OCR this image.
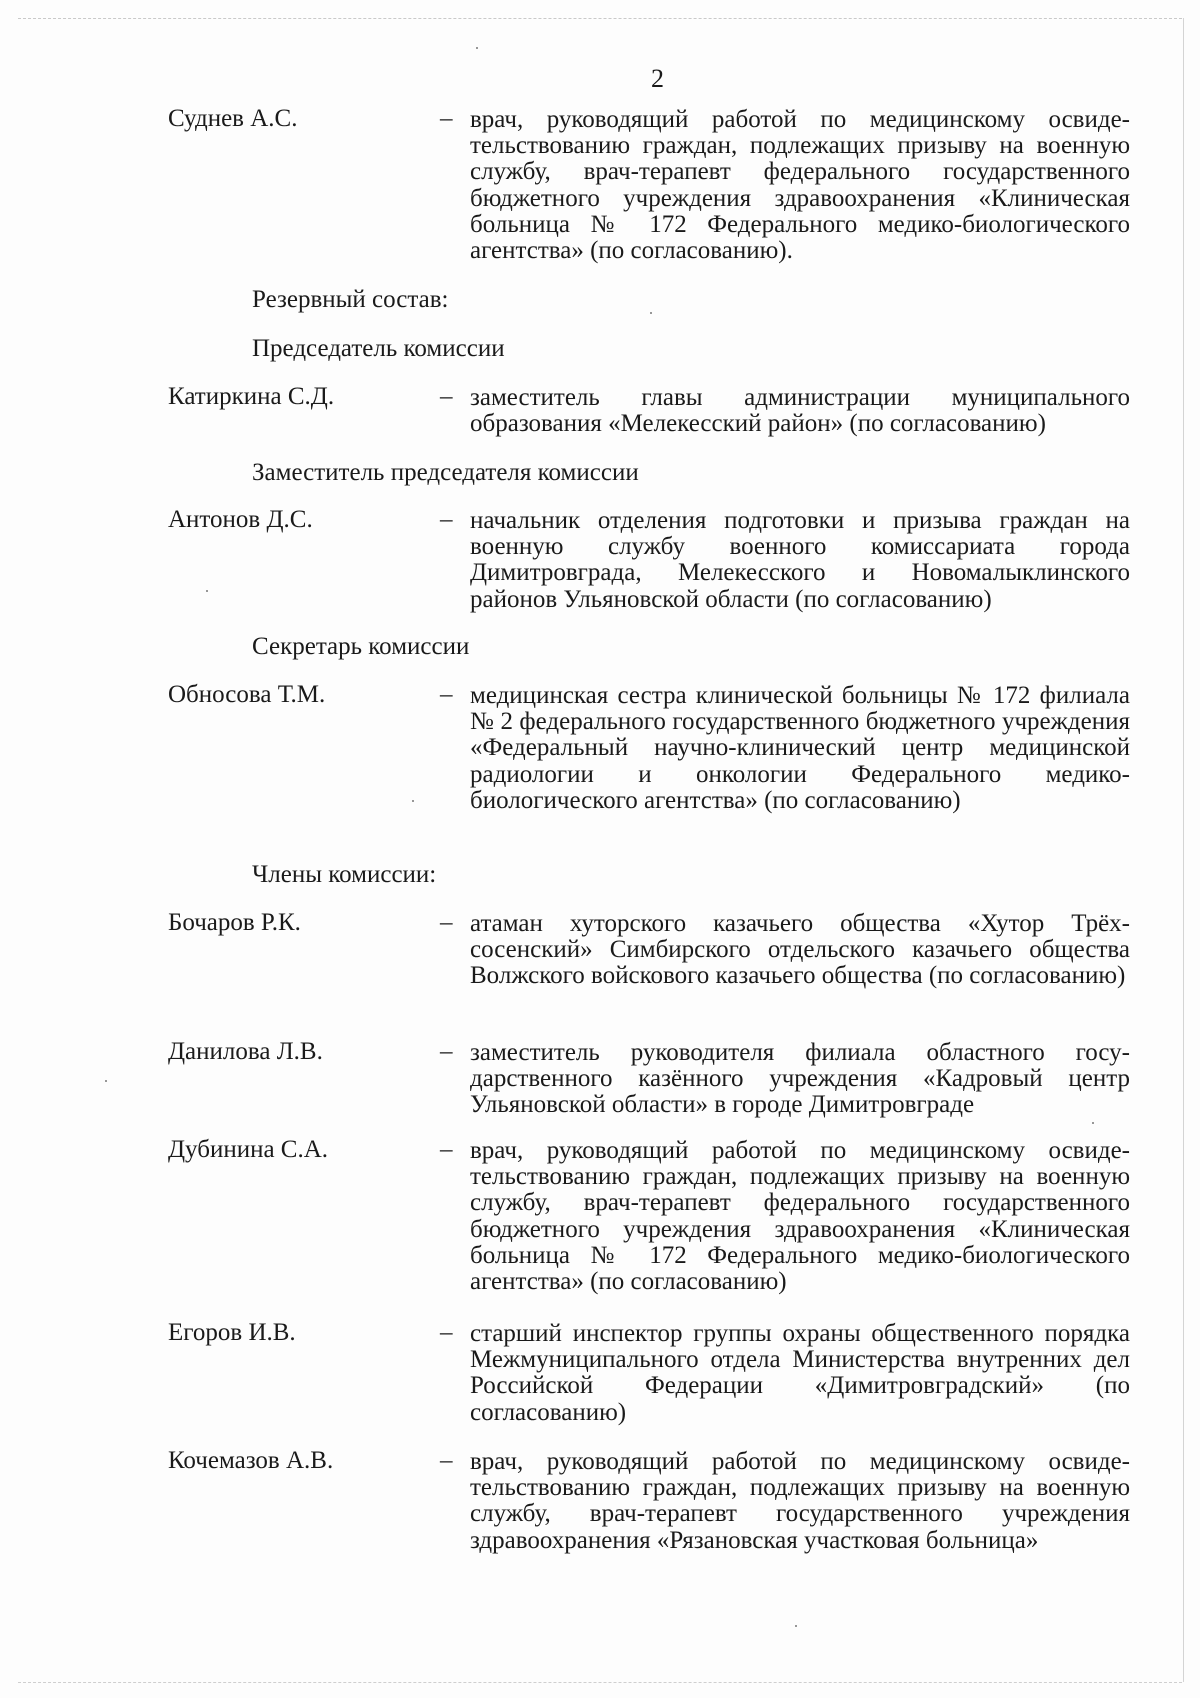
2
Суднев А.С.	– врач, руководящий работой по медицинскому освидетельствованию граждан, подлежащих призыву на военную службу, врач-терапевт федерального государственного бюджетного учреждения здравоохранения «Клиническая больница № 172 Федерального медико-биологического агентства» (по согласованию).
Резервный состав:
Председатель комиссии
Катиркина С.Д.	– заместитель главы администрации муниципального образования «Мелекесский район» (по согласованию)
Заместитель председателя комиссии
Антонов Д.С.	– начальник отделения подготовки и призыва граждан на военную службу военного комиссариата города Димитровграда, Мелекесского и Новомалыклинского районов Ульяновской области (по согласованию)
Секретарь комиссии
Обносова Т.М.	– медицинская сестра клинической больницы № 172 филиала № 2 федерального государственного бюджетного учреждения «Федеральный научно-клинический центр медицинской радиологии и онкологии Федерального медико-биологического агентства» (по согласованию)
Члены комиссии:
Бочаров Р.К.	– атаман хуторского казачьего общества «Хутор Трёхсосенский» Симбирского отдельского казачьего общества Волжского войскового казачьего общества (по согласованию)
Данилова Л.В.	– заместитель руководителя филиала областного государственного казённого учреждения «Кадровый центр Ульяновской области» в городе Димитровграде
Дубинина С.А.	– врач, руководящий работой по медицинскому освидетельствованию граждан, подлежащих призыву на военную службу, врач-терапевт федерального государственного бюджетного учреждения здравоохранения «Клиническая больница № 172 Федерального медико-биологического агентства» (по согласованию)
Егоров И.В.	– старший инспектор группы охраны общественного порядка Межмуниципального отдела Министерства внутренних дел Российской Федерации «Димитровградский» (по согласованию)
Кочемазов А.В.	– врач, руководящий работой по медицинскому освидетельствованию граждан, подлежащих призыву на военную службу, врач-терапевт государственного учреждения здравоохранения «Рязановская участковая больница»
